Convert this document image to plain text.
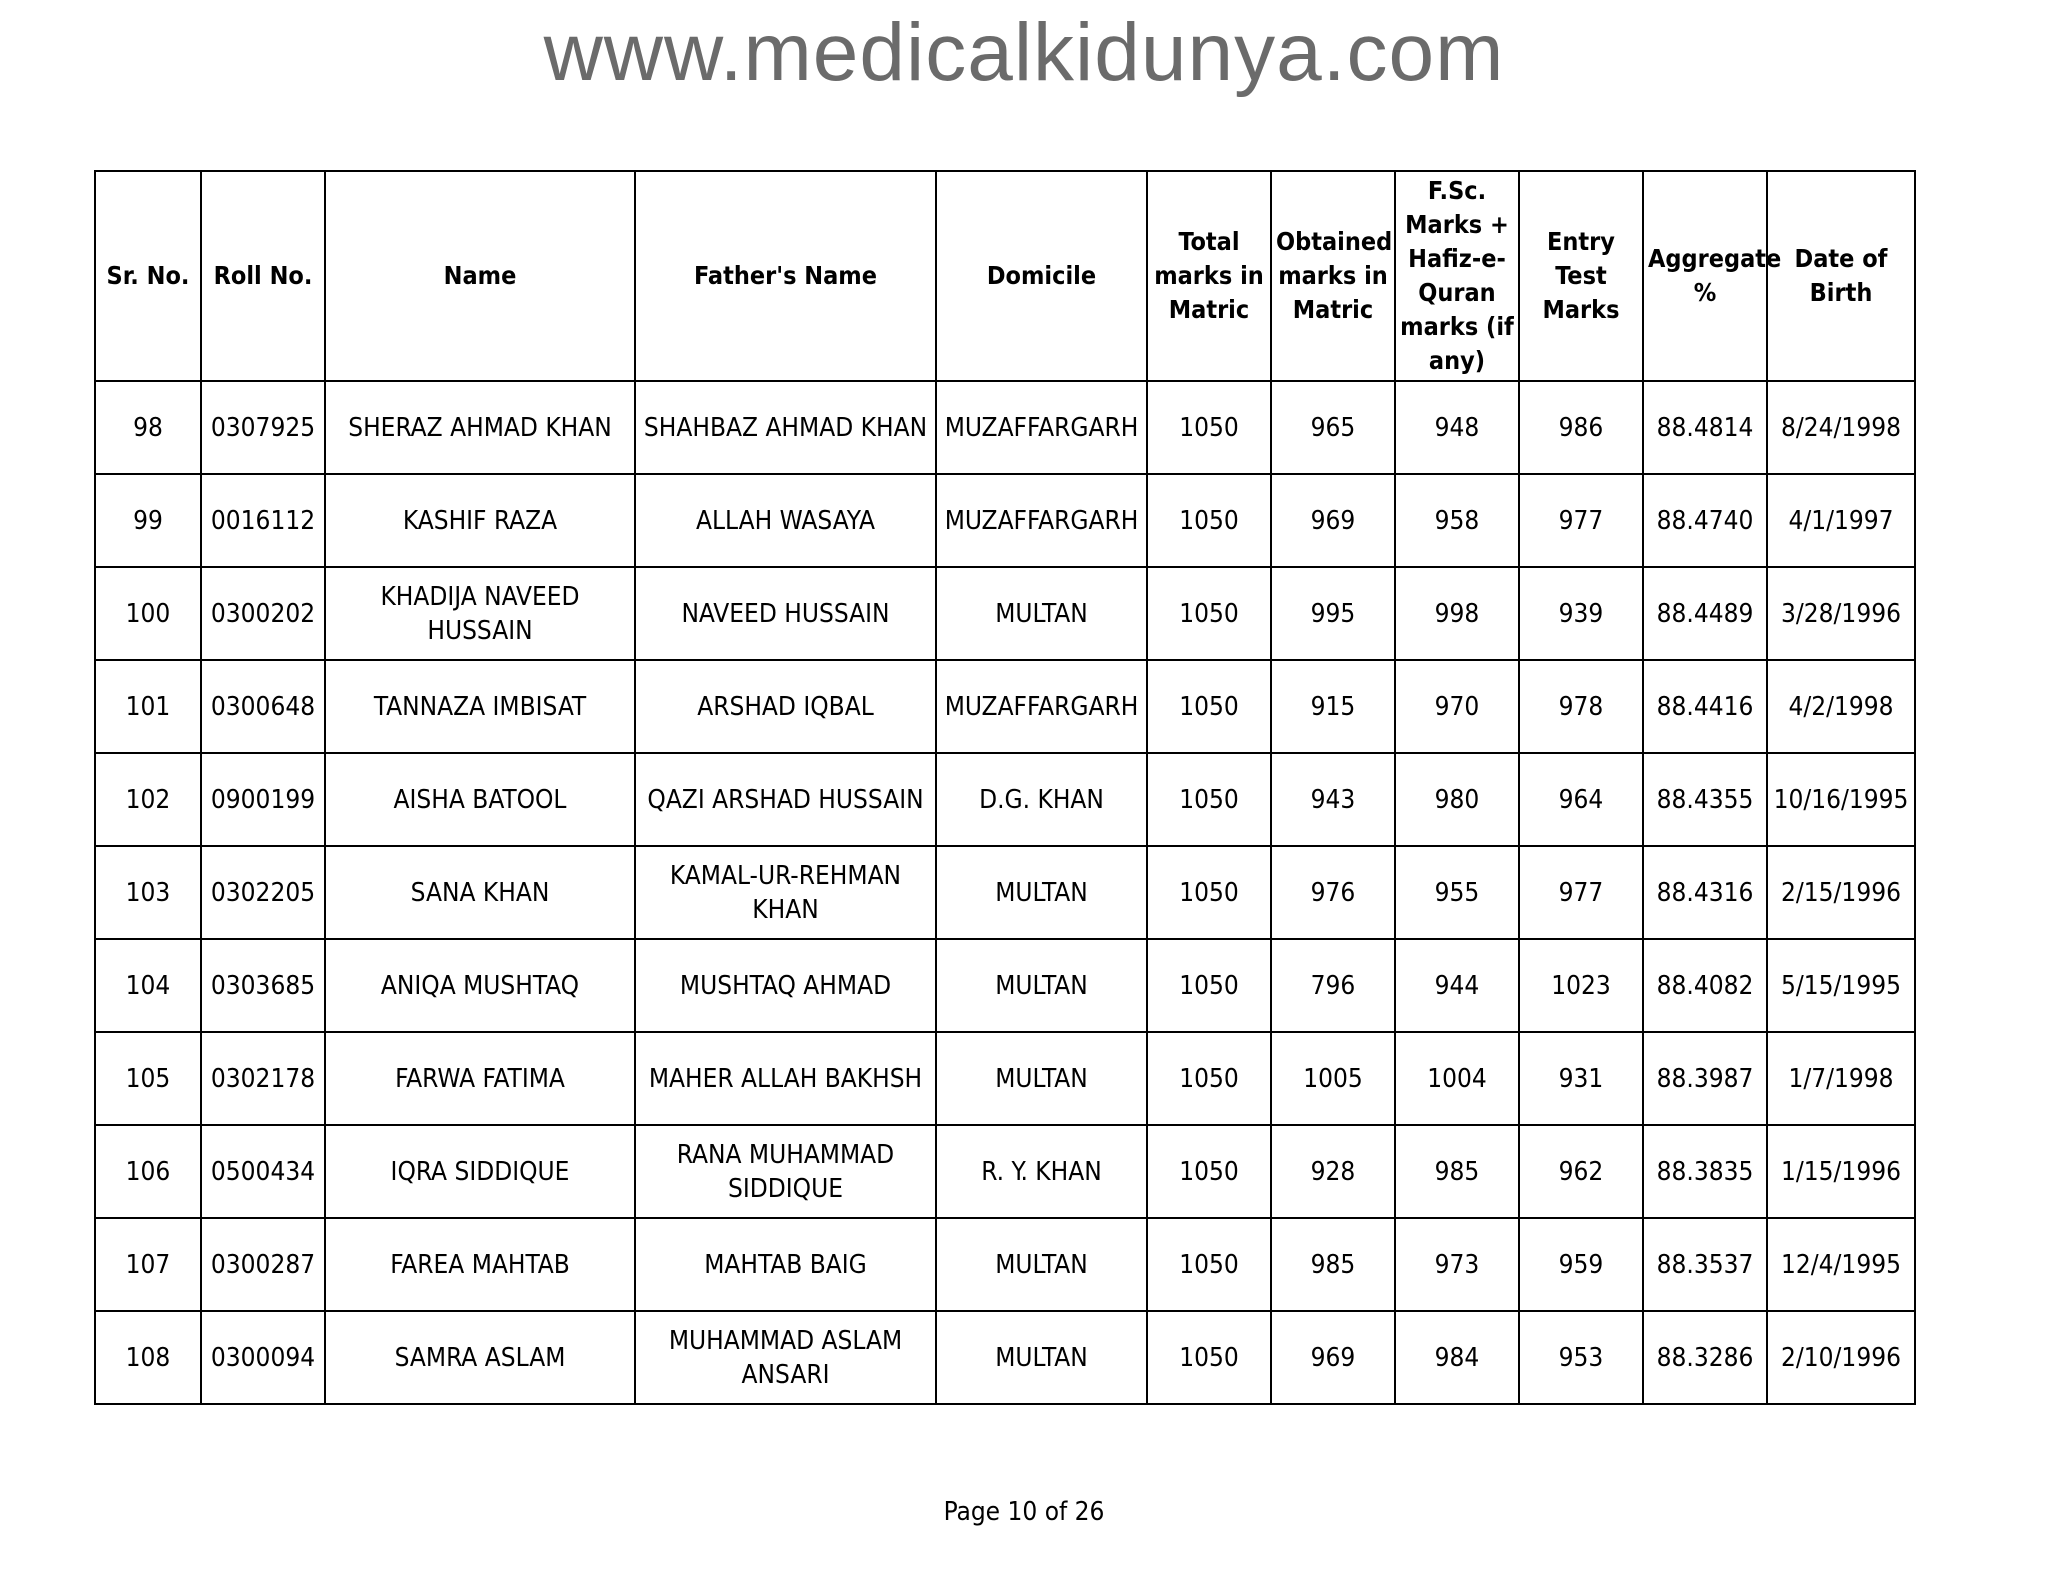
www.medicalkidunya.com
Sr. No.	Roll No.	Name	Father's Name	Domicile	Total marks in Matric	Obtained marks in Matric	F.Sc. Marks + Hafiz-e-Quran marks (if any)	Entry Test Marks	Aggregate %	Date of Birth
98	0307925	SHERAZ AHMAD KHAN	SHAHBAZ AHMAD KHAN	MUZAFFARGARH	1050	965	948	986	88.4814	8/24/1998
99	0016112	KASHIF RAZA	ALLAH WASAYA	MUZAFFARGARH	1050	969	958	977	88.4740	4/1/1997
100	0300202	KHADIJA NAVEED HUSSAIN	NAVEED HUSSAIN	MULTAN	1050	995	998	939	88.4489	3/28/1996
101	0300648	TANNAZA IMBISAT	ARSHAD IQBAL	MUZAFFARGARH	1050	915	970	978	88.4416	4/2/1998
102	0900199	AISHA BATOOL	QAZI ARSHAD HUSSAIN	D.G. KHAN	1050	943	980	964	88.4355	10/16/1995
103	0302205	SANA KHAN	KAMAL-UR-REHMAN KHAN	MULTAN	1050	976	955	977	88.4316	2/15/1996
104	0303685	ANIQA MUSHTAQ	MUSHTAQ AHMAD	MULTAN	1050	796	944	1023	88.4082	5/15/1995
105	0302178	FARWA FATIMA	MAHER ALLAH BAKHSH	MULTAN	1050	1005	1004	931	88.3987	1/7/1998
106	0500434	IQRA SIDDIQUE	RANA MUHAMMAD SIDDIQUE	R. Y. KHAN	1050	928	985	962	88.3835	1/15/1996
107	0300287	FAREA MAHTAB	MAHTAB BAIG	MULTAN	1050	985	973	959	88.3537	12/4/1995
108	0300094	SAMRA ASLAM	MUHAMMAD ASLAM ANSARI	MULTAN	1050	969	984	953	88.3286	2/10/1996
Page 10 of 26
